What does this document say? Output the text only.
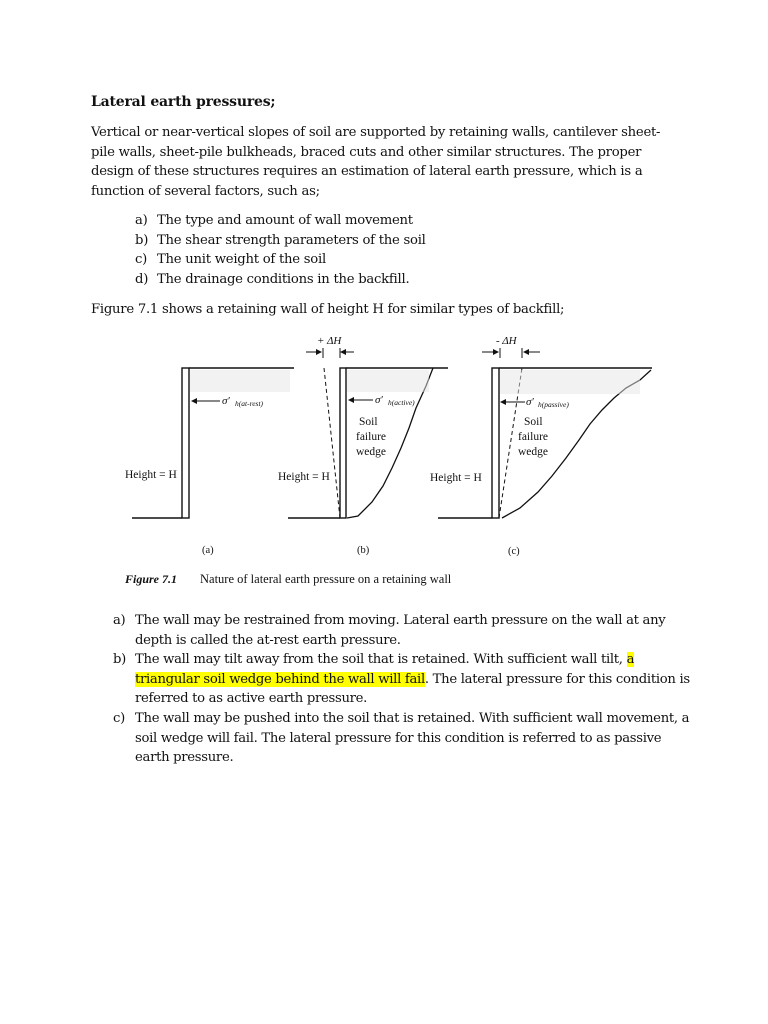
Lateral earth pressures;

Vertical or near-vertical slopes of soil are supported by retaining walls, cantilever sheet-pile walls, sheet-pile bulkheads, braced cuts and other similar structures. The proper design of these structures requires an estimation of lateral earth pressure, which is a function of several factors, such as;

a) The type and amount of wall movement
b) The shear strength parameters of the soil
c) The unit weight of the soil
d) The drainage conditions in the backfill.
Figure 7.1 shows a retaining wall of height H for similar types of backfill;
σ′ h(at-rest)
Height = H
(a)
+ ΔH
σ′ h(active)
Soil
failure
wedge
Height = H
(b)
- ΔH
σ′ h(passive)
Soil
failure
wedge
Height = H
(c)
Figure 7.1 Nature of lateral earth pressure on a retaining wall
a) The wall may be restrained from moving. Lateral earth pressure on the wall at any depth is called the at-rest earth pressure.
b) The wall may tilt away from the soil that is retained. With sufficient wall tilt, a triangular soil wedge behind the wall will fail. The lateral pressure for this condition is referred to as active earth pressure.
c) The wall may be pushed into the soil that is retained. With sufficient wall movement, a soil wedge will fail. The lateral pressure for this condition is referred to as passive earth pressure.
